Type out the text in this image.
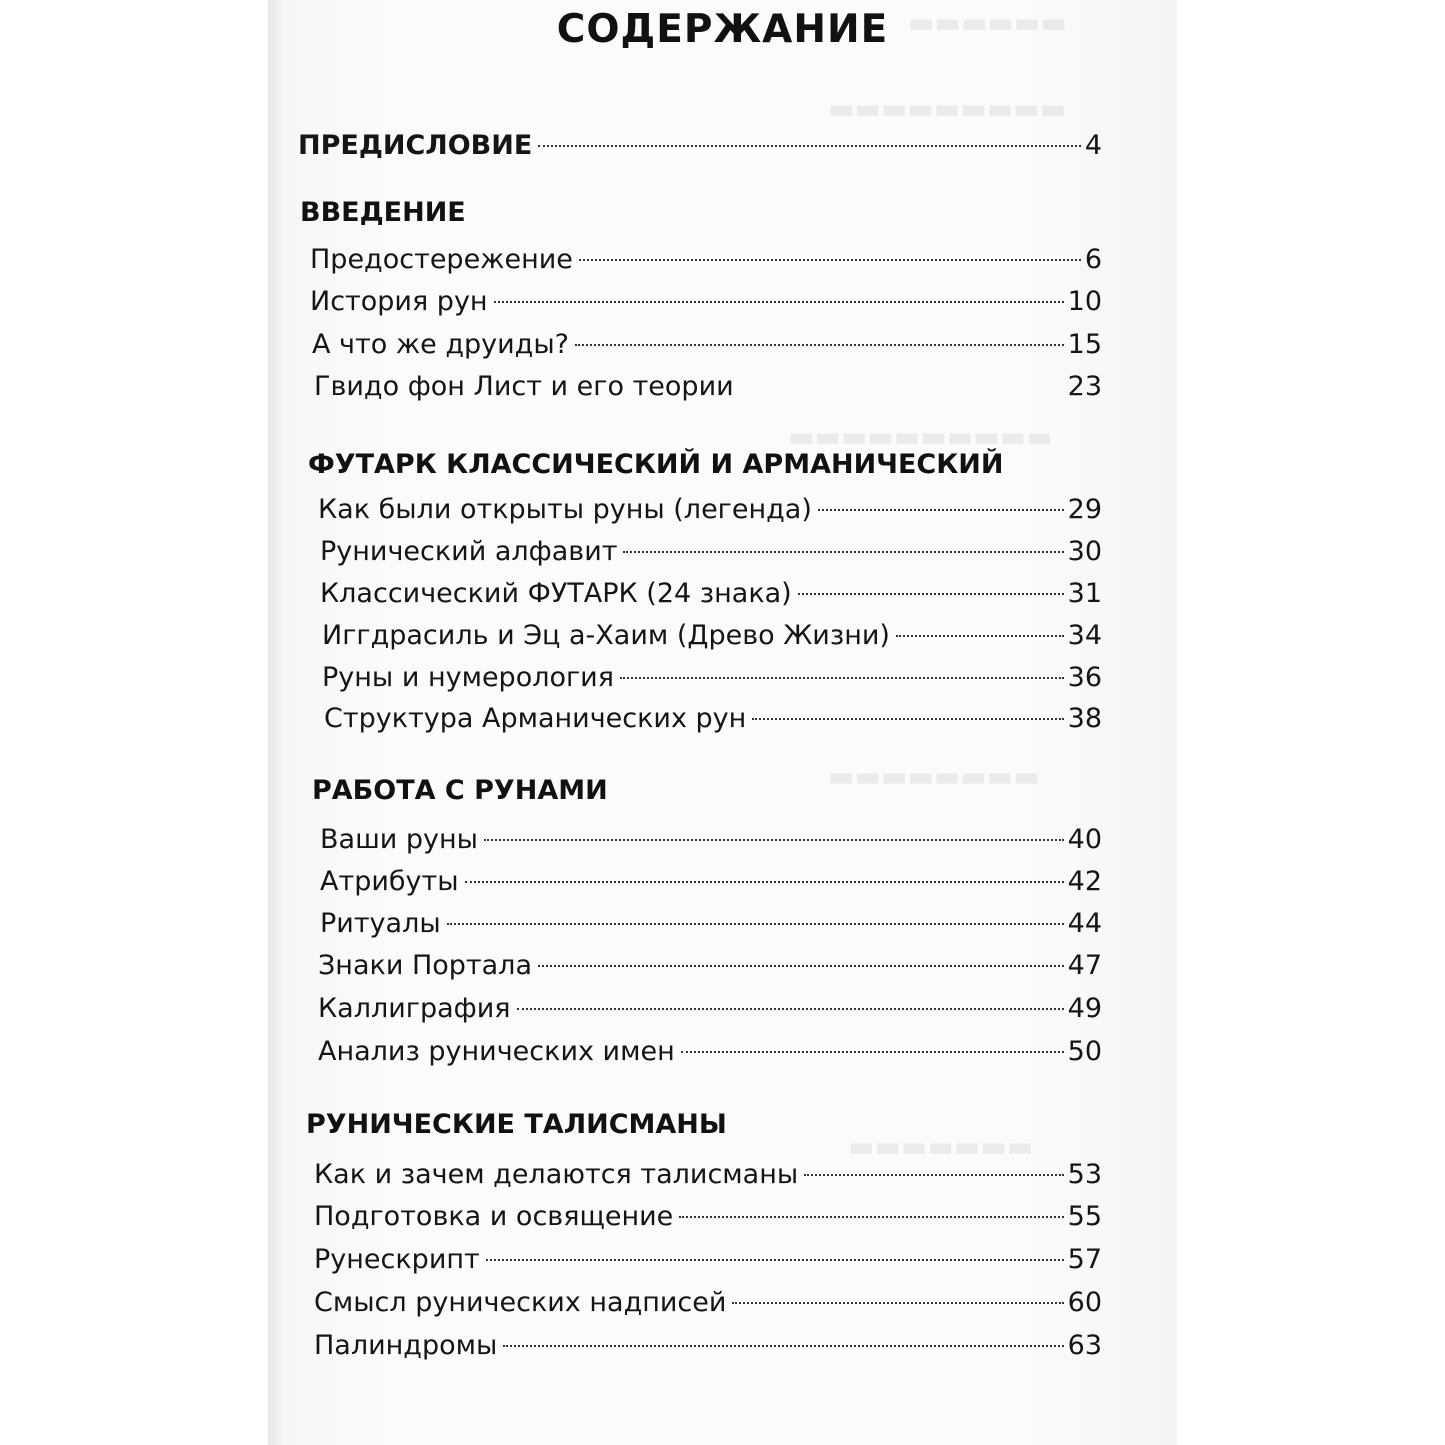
▬▬▬▬▬▬
▬▬▬▬▬▬▬▬▬
▬▬▬▬▬▬▬▬▬▬
▬▬▬▬▬▬▬▬
▬▬▬▬▬▬▬
СОДЕРЖАНИЕ
ПРЕДИСЛОВИЕ	4
ВВЕДЕНИЕ
Предостережение	6
История рун	10
А что же друиды?	15
Гвидо фон Лист и его теории	23
ФУТАРК КЛАССИЧЕСКИЙ И АРМАНИЧЕСКИЙ
Как были открыты руны (легенда)	29
Рунический алфавит	30
Классический ФУТАРК (24 знака)	31
Иггдрасиль и Эц а-Хаим (Древо Жизни)	34
Руны и нумерология	36
Структура Арманических рун	38
РАБОТА С РУНАМИ
Ваши руны	40
Атрибуты	42
Ритуалы	44
Знаки Портала	47
Каллиграфия	49
Анализ рунических имен	50
РУНИЧЕСКИЕ ТАЛИСМАНЫ
Как и зачем делаются талисманы	53
Подготовка и освящение	55
Рунескрипт	57
Смысл рунических надписей	60
Палиндромы	63
